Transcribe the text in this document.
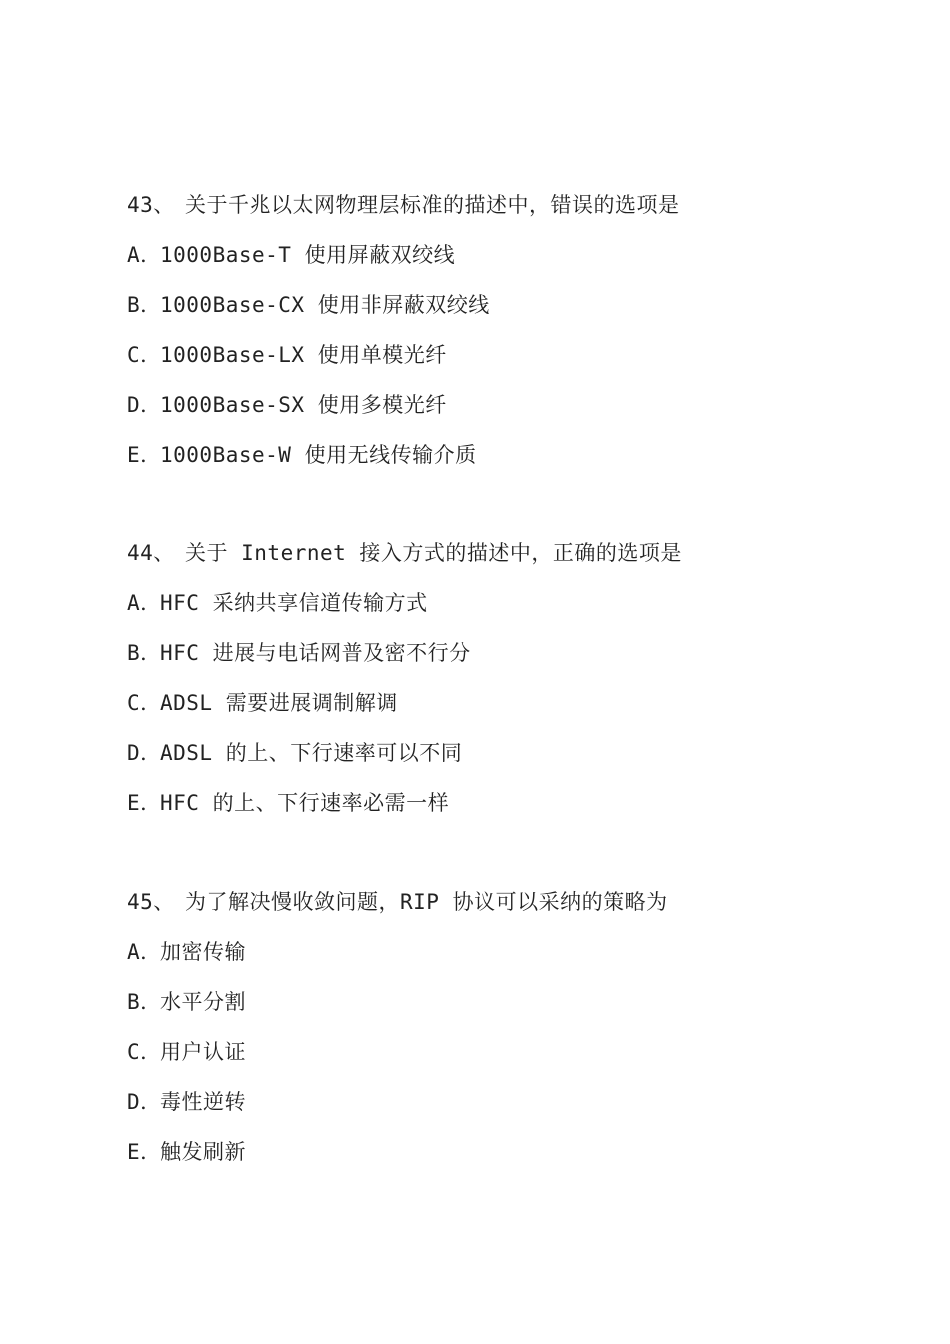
43、 关于千兆以太网物理层标准的描述中，错误的选项是
A．1000Base-T 使用屏蔽双绞线
B．1000Base-CX 使用非屏蔽双绞线
C．1000Base-LX 使用单模光纤
D．1000Base-SX 使用多模光纤
E．1000Base-W 使用无线传输介质
44、 关于 Internet 接入方式的描述中，正确的选项是
A．HFC 采纳共享信道传输方式
B．HFC 进展与电话网普及密不行分
C．ADSL 需要进展调制解调
D．ADSL 的上、下行速率可以不同
E．HFC 的上、下行速率必需一样
45、 为了解决慢收敛问题，RIP 协议可以采纳的策略为
A．加密传输
B．水平分割
C．用户认证
D．毒性逆转
E．触发刷新
